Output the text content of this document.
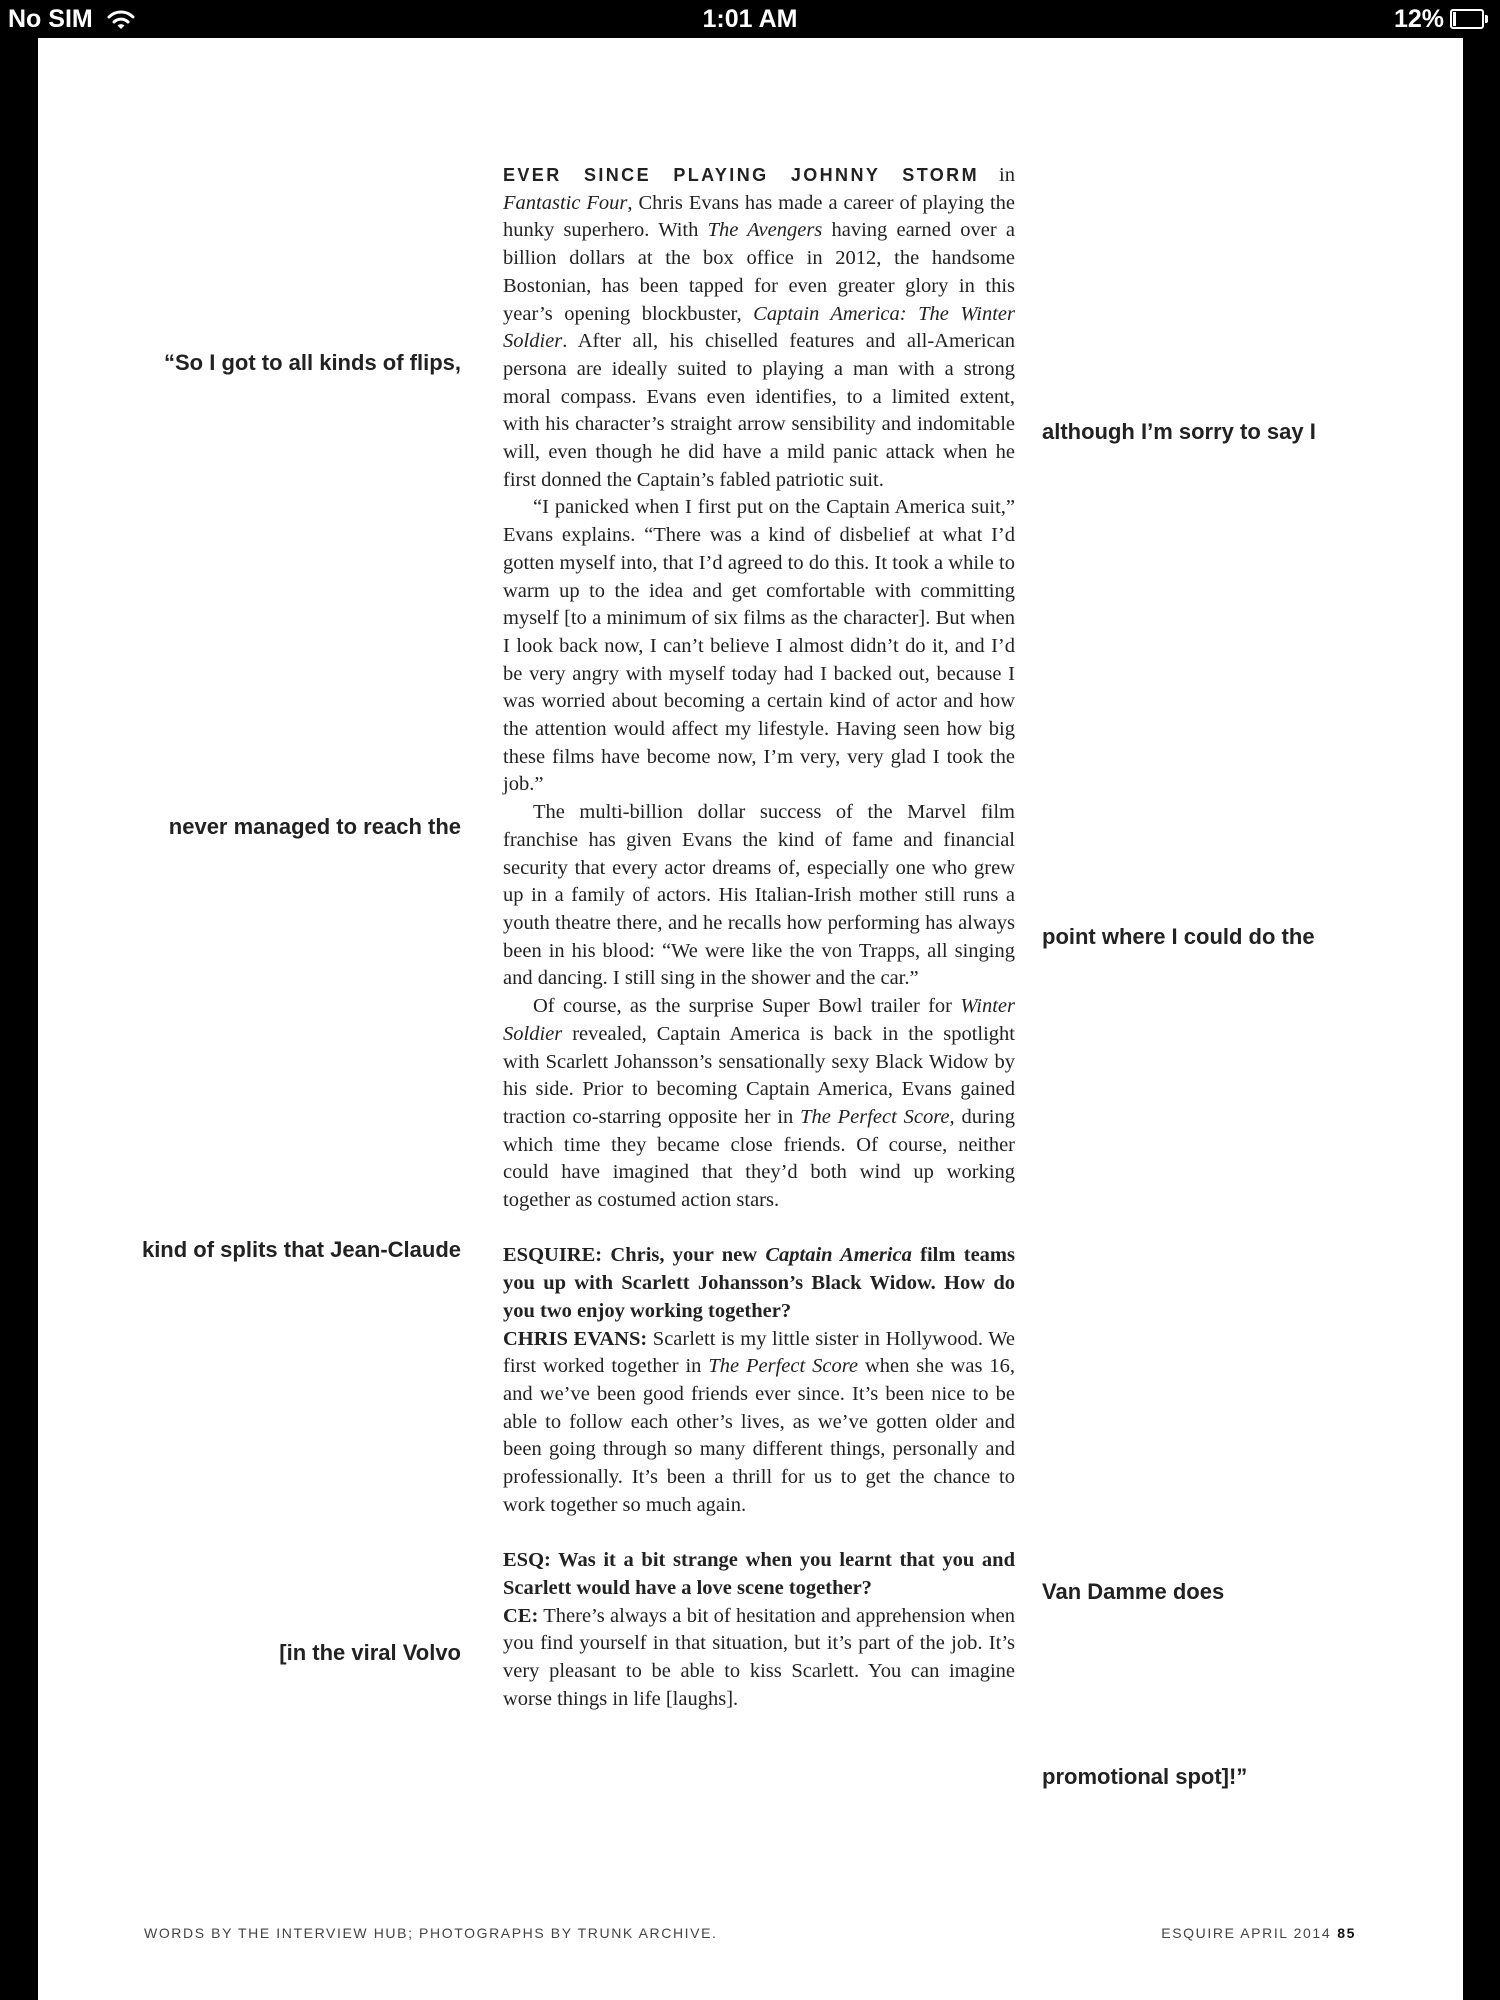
No SIM	1:01 AM	12%
“So I got to all kinds of flips,
never managed to reach the
kind of splits that Jean-Claude
[in the viral Volvo
although I’m sorry to say I
point where I could do the
Van Damme does
promotional spot]!”

EVER SINCE PLAYING JOHNNY STORM in Fantastic Four, Chris Evans has made a career of playing the hunky superhero. With The Avengers having earned over a billion dollars at the box office in 2012, the handsome Bostonian, has been tapped for even greater glory in this year’s opening blockbuster, Captain America: The Winter Soldier. After all, his chiselled features and all-American persona are ideally suited to playing a man with a strong moral compass. Evans even identifies, to a limited extent, with his character’s straight arrow sensibility and indomitable will, even though he did have a mild panic attack when he first donned the Captain’s fabled patriotic suit.

“I panicked when I first put on the Captain America suit,” Evans explains. “There was a kind of disbelief at what I’d gotten myself into, that I’d agreed to do this. It took a while to warm up to the idea and get comfortable with committing myself [to a minimum of six films as the character]. But when I look back now, I can’t believe I almost didn’t do it, and I’d be very angry with myself today had I backed out, because I was worried about becoming a certain kind of actor and how the attention would affect my lifestyle. Having seen how big these films have become now, I’m very, very glad I took the job.”

The multi-billion dollar success of the Marvel film franchise has given Evans the kind of fame and financial security that every actor dreams of, especially one who grew up in a family of actors. His Italian-Irish mother still runs a youth theatre there, and he recalls how performing has always been in his blood: “We were like the von Trapps, all singing and dancing. I still sing in the shower and the car.”

Of course, as the surprise Super Bowl trailer for Winter Soldier revealed, Captain America is back in the spotlight with Scarlett Johansson’s sensationally sexy Black Widow by his side. Prior to becoming Captain America, Evans gained traction co-starring opposite her in The Perfect Score, during which time they became close friends. Of course, neither could have imagined that they’d both wind up working together as costumed action stars.

ESQUIRE: Chris, your new Captain America film teams you up with Scarlett Johansson’s Black Widow. How do you two enjoy working together?

CHRIS EVANS: Scarlett is my little sister in Hollywood. We first worked together in The Perfect Score when she was 16, and we’ve been good friends ever since. It’s been nice to be able to follow each other’s lives, as we’ve gotten older and been going through so many different things, personally and professionally. It’s been a thrill for us to get the chance to work together so much again.

ESQ: Was it a bit strange when you learnt that you and Scarlett would have a love scene together?

CE: There’s always a bit of hesitation and apprehension when you find yourself in that situation, but it’s part of the job. It’s very pleasant to be able to kiss Scarlett. You can imagine worse things in life [laughs].

WORDS BY THE INTERVIEW HUB; PHOTOGRAPHS BY TRUNK ARCHIVE.	ESQUIRE APRIL 2014 85
